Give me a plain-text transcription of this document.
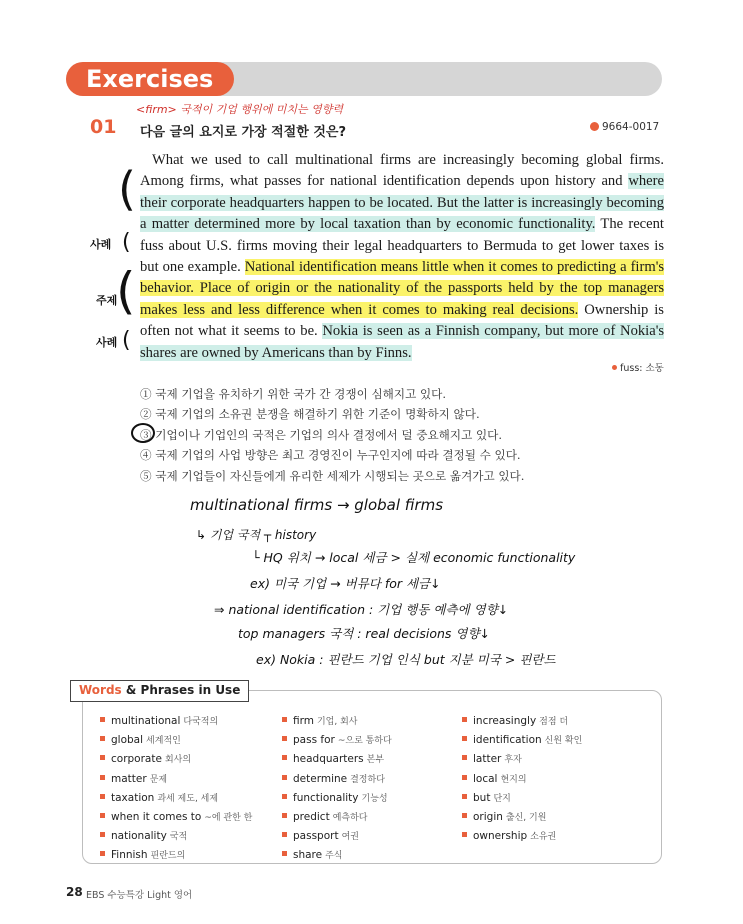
Exercises
<firm> 국적이 기업 행위에 미치는 영향력
01 다음 글의 요지로 가장 적절한 것은?	9664-0017
(
(
사례
(
주제
(
사례

What we used to call multinational firms are increasingly becoming global firms. Among firms, what passes for national identification depends upon history and where their corporate headquarters happen to be located. But the latter is increasingly becoming a matter determined more by local taxation than by economic functionality. The recent fuss about U.S. firms moving their legal headquarters to Bermuda to get lower taxes is but one example. National identification means little when it comes to predicting a firm's behavior. Place of origin or the nationality of the passports held by the top managers makes less and less difference when it comes to making real decisions. Ownership is often not what it seems to be. Nokia is seen as a Finnish company, but more of Nokia's shares are owned by Americans than by Finns.

fuss: 소동
① 국제 기업을 유치하기 위한 국가 간 경쟁이 심해지고 있다.
② 국제 기업의 소유권 분쟁을 해결하기 위한 기준이 명확하지 않다.
③ 기업이나 기업인의 국적은 기업의 의사 결정에서 덜 중요해지고 있다.
④ 국제 기업의 사업 방향은 최고 경영진이 누구인지에 따라 결정될 수 있다.
⑤ 국제 기업들이 자신들에게 유리한 세제가 시행되는 곳으로 옮겨가고 있다.
multinational firms → global firms
↳ 기업 국적 ┬ history
└ HQ 위치 → local 세금 > 실제 economic functionality
ex) 미국 기업 → 버뮤다 for 세금↓
⇒ national identification : 기업 행동 예측에 영향↓
top managers 국적 : real decisions 영향↓
ex) Nokia : 핀란드 기업 인식 but 지분 미국 > 핀란드
Words & Phrases in Use
multinational 다국적의
global 세계적인
corporate 회사의
matter 문제
taxation 과세 제도, 세제
when it comes to ~에 관한 한
nationality 국적
Finnish 핀란드의
firm 기업, 회사
pass for ~으로 통하다
headquarters 본부
determine 결정하다
functionality 기능성
predict 예측하다
passport 여권
share 주식
increasingly 점점 더
identification 신원 확인
latter 후자
local 현지의
but 단지
origin 출신, 기원
ownership 소유권
28 EBS 수능특강 Light 영어
